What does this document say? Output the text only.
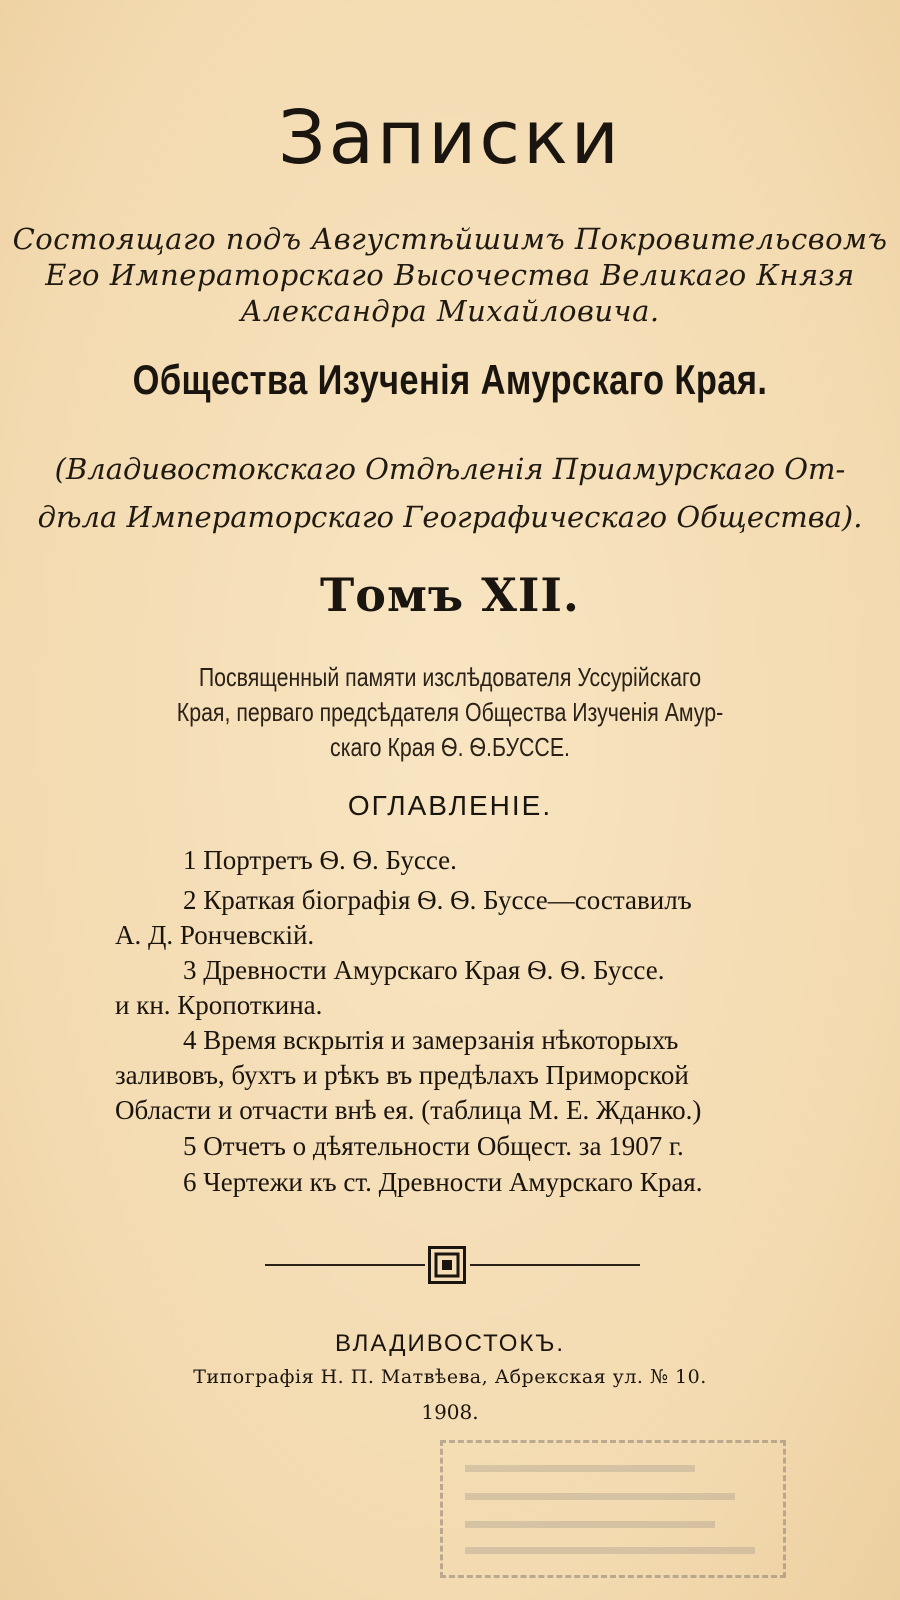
Записки
Состоящаго подъ Августѣйшимъ Покровительсвомъ
Его Императорскаго Высочества Великаго Князя
Александра Михайловича.
Общества Изученія Амурскаго Края.
(Владивостокскаго Отдѣленія Приамурскаго От-
дѣла Императорскаго Географическаго Общества).
Томъ XII.
Посвященный памяти изслѣдователя Уссурійскаго
Края, перваго предсѣдателя Общества Изученія Амур-
скаго Края Ѳ. Ѳ.БУССЕ.
ОГЛАВЛЕНІЕ.
1 Портретъ Ѳ. Ѳ. Буссе.
2 Краткая біографія Ѳ. Ѳ. Буссе—составилъ
А. Д. Рончевскій.
3 Древности Амурскаго Края Ѳ. Ѳ. Буссе.
и кн. Кропоткина.
4 Время вскрытія и замерзанія нѣкоторыхъ
заливовъ, бухтъ и рѣкъ въ предѣлахъ Приморской
Области и отчасти внѣ ея. (таблица М. Е. Жданко.)
5 Отчетъ о дѣятельности Общест. за 1907 г.
6 Чертежи къ ст. Древности Амурскаго Края.
ВЛАДИВОСТОКЪ.
Типографія Н. П. Матвѣева, Абрекская ул. № 10.
1908.
